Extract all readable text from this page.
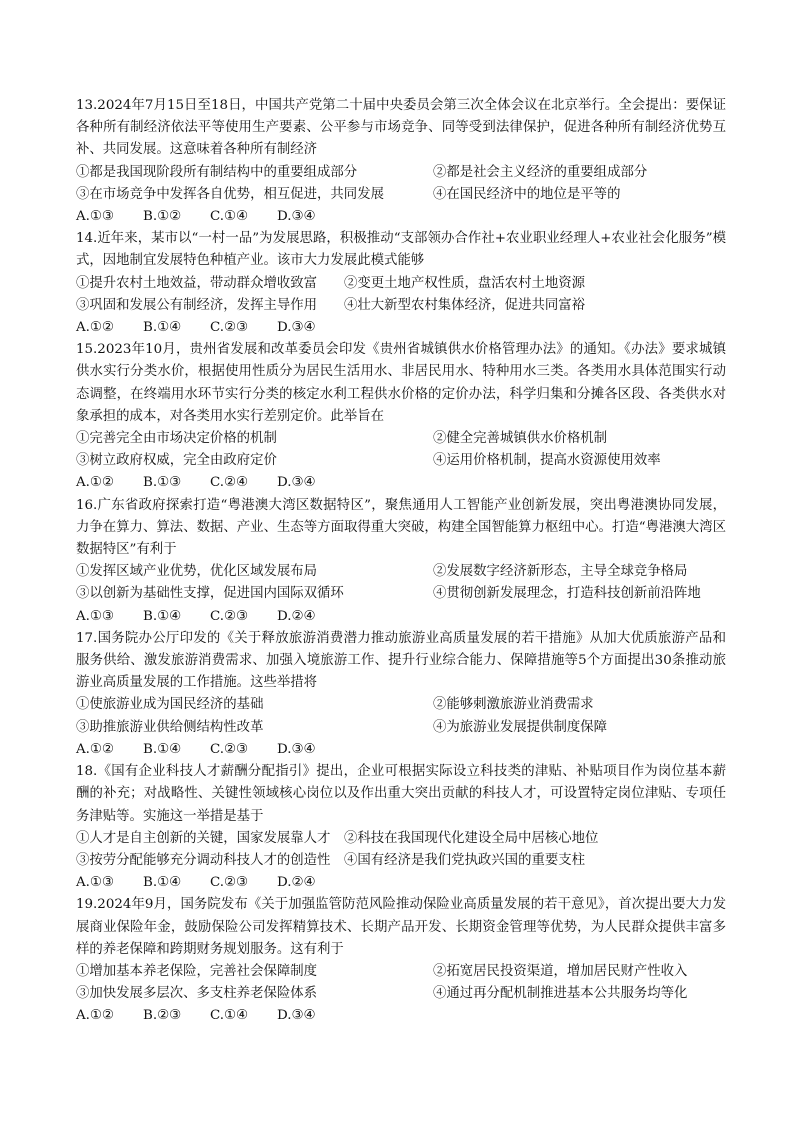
13.2024年7月15日至18日，中国共产党第二十届中央委员会第三次全体会议在北京举行。全会提出：要保证各种所有制经济依法平等使用生产要素、公平参与市场竞争、同等受到法律保护，促进各种所有制经济优势互补、共同发展。这意味着各种所有制经济

①都是我国现阶段所有制结构中的重要组成部分	②都是社会主义经济的重要组成部分
③在市场竞争中发挥各自优势，相互促进，共同发展	④在国民经济中的地位是平等的
A.①③	B.①②	C.①④	D.③④

14.近年来，某市以“一村一品”为发展思路，积极推动“支部领办合作社+农业职业经理人+农业社会化服务”模式，因地制宜发展特色种植产业。该市大力发展此模式能够

①提升农村土地效益，带动群众增收致富	②变更土地产权性质，盘活农村土地资源
③巩固和发展公有制经济，发挥主导作用	④壮大新型农村集体经济，促进共同富裕
A.①②	B.①④	C.②③	D.③④

15.2023年10月，贵州省发展和改革委员会印发《贵州省城镇供水价格管理办法》的通知。《办法》要求城镇供水实行分类水价，根据使用性质分为居民生活用水、非居民用水、特种用水三类。各类用水具体范围实行动态调整，在终端用水环节实行分类的核定水利工程供水价格的定价办法，科学归集和分摊各区段、各类供水对象承担的成本，对各类用水实行差别定价。此举旨在

①完善完全由市场决定价格的机制	②健全完善城镇供水价格机制
③树立政府权威，完全由政府定价	④运用价格机制，提高水资源使用效率
A.①②	B.①③	C.②④	D.③④

16.广东省政府探索打造“粤港澳大湾区数据特区”，聚焦通用人工智能产业创新发展，突出粤港澳协同发展，力争在算力、算法、数据、产业、生态等方面取得重大突破，构建全国智能算力枢纽中心。打造“粤港澳大湾区数据特区”有利于

①发挥区域产业优势，优化区域发展布局	②发展数字经济新形态，主导全球竞争格局
③以创新为基础性支撑，促进国内国际双循环	④贯彻创新发展理念，打造科技创新前沿阵地
A.①③	B.①④	C.②③	D.②④

17.国务院办公厅印发的《关于释放旅游消费潜力推动旅游业高质量发展的若干措施》从加大优质旅游产品和服务供给、激发旅游消费需求、加强入境旅游工作、提升行业综合能力、保障措施等5个方面提出30条推动旅游业高质量发展的工作措施。这些举措将

①使旅游业成为国民经济的基础	②能够刺激旅游业消费需求
③助推旅游业供给侧结构性改革	④为旅游业发展提供制度保障
A.①②	B.①④	C.②③	D.③④

18.《国有企业科技人才薪酬分配指引》提出，企业可根据实际设立科技类的津贴、补贴项目作为岗位基本薪酬的补充；对战略性、关键性领域核心岗位以及作出重大突出贡献的科技人才，可设置特定岗位津贴、专项任务津贴等。实施这一举措是基于

①人才是自主创新的关键，国家发展靠人才	②科技在我国现代化建设全局中居核心地位
③按劳分配能够充分调动科技人才的创造性	④国有经济是我们党执政兴国的重要支柱
A.①③	B.①④	C.②③	D.②④

19.2024年9月，国务院发布《关于加强监管防范风险推动保险业高质量发展的若干意见》，首次提出要大力发展商业保险年金，鼓励保险公司发挥精算技术、长期产品开发、长期资金管理等优势，为人民群众提供丰富多样的养老保障和跨期财务规划服务。这有利于

①增加基本养老保险，完善社会保障制度	②拓宽居民投资渠道，增加居民财产性收入
③加快发展多层次、多支柱养老保险体系	④通过再分配机制推进基本公共服务均等化
A.①②	B.②③	C.①④	D.③④
